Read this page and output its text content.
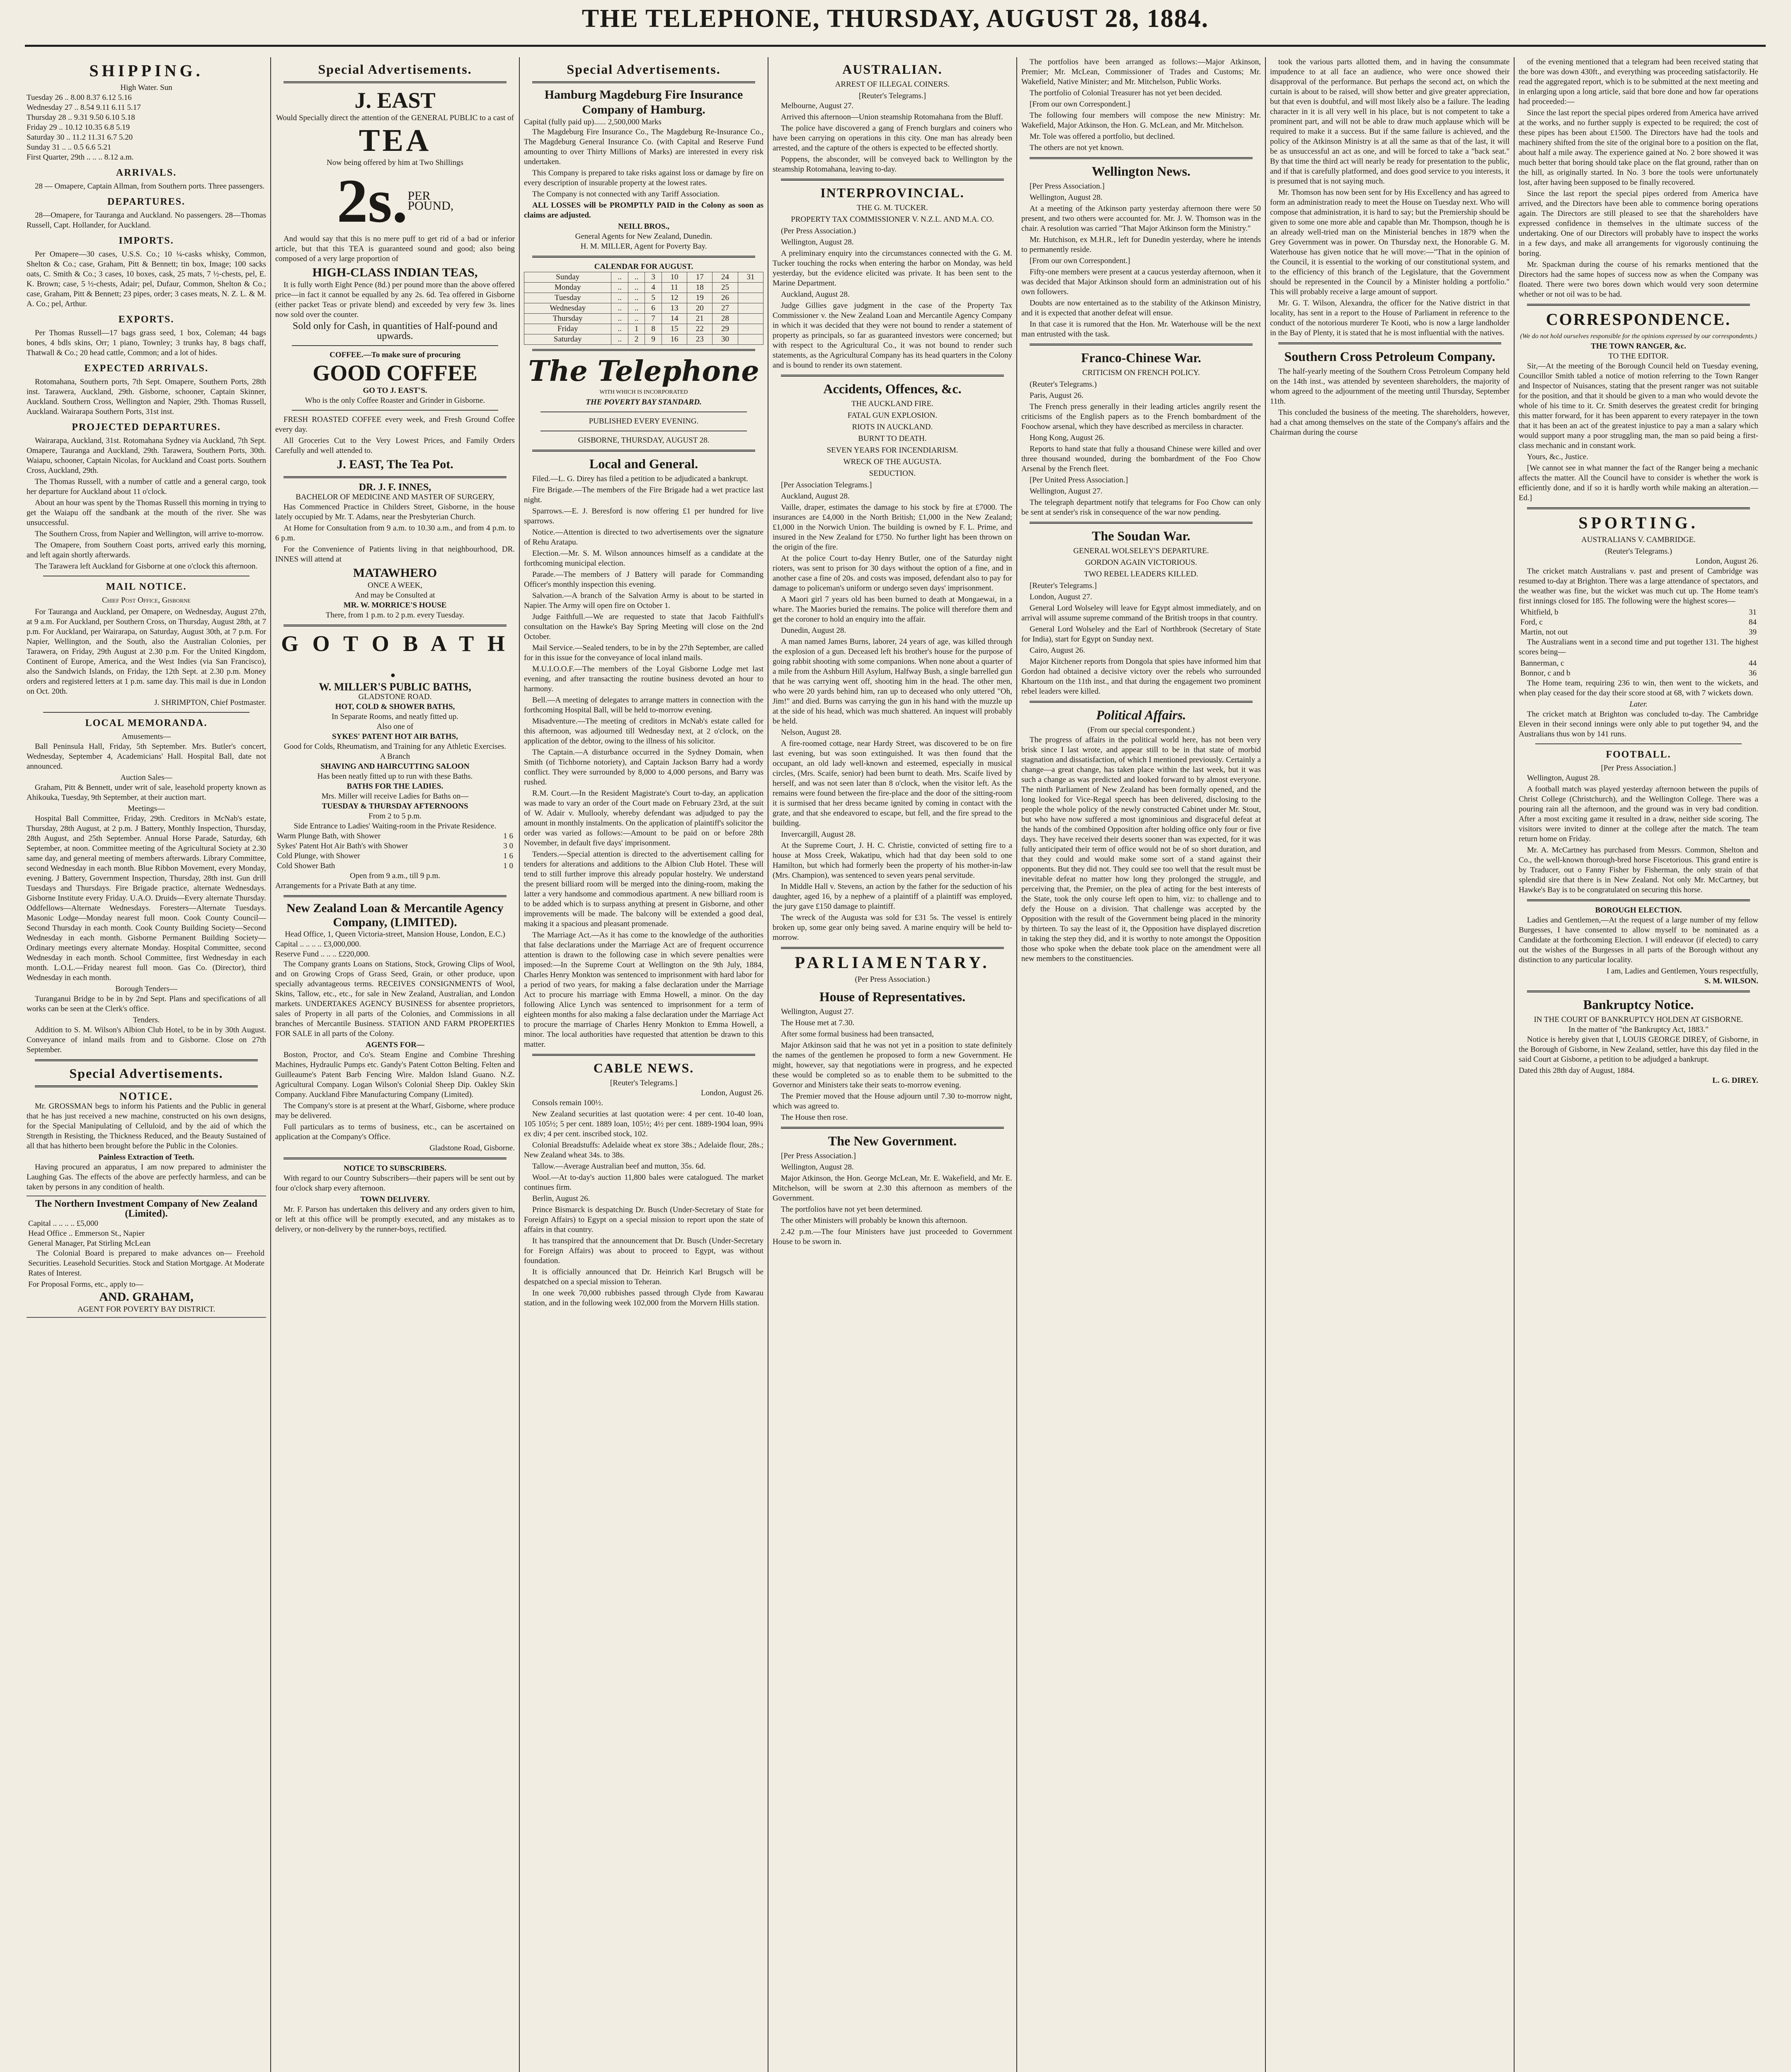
THE TELEPHONE, THURSDAY, AUGUST 28, 1884.
SHIPPING.
High Water. Sun
Tuesday 26 .. 8.00 8.37 6.12 5.16
Wednesday 27 .. 8.54 9.11 6.11 5.17
Thursday 28 .. 9.31 9.50 6.10 5.18
Friday 29 .. 10.12 10.35 6.8 5.19
Saturday 30 .. 11.2 11.31 6.7 5.20
Sunday 31 .. .. 0.5 6.6 5.21
First Quarter, 29th .. .. .. 8.12 a.m.
ARRIVALS.

28 — Omapere, Captain Allman, from Southern ports. Three passengers.

DEPARTURES.

28—Omapere, for Tauranga and Auckland. No passengers. 28—Thomas Russell, Capt. Hollander, for Auckland.

IMPORTS.

Per Omapere—30 cases, U.S.S. Co.; 10 ¼-casks whisky, Common, Shelton & Co.; case, Graham, Pitt & Bennett; tin box, Image; 100 sacks oats, C. Smith & Co.; 3 cases, 10 boxes, cask, 25 mats, 7 ½-chests, pel, E. K. Brown; case, 5 ½-chests, Adair; pel, Dufaur, Common, Shelton & Co.; case, Graham, Pitt & Bennett; 23 pipes, order; 3 cases meats, N. Z. L. & M. A. Co.; pel, Arthur.

EXPORTS.

Per Thomas Russell—17 bags grass seed, 1 box, Coleman; 44 bags bones, 4 bdls skins, Orr; 1 piano, Townley; 3 trunks hay, 8 bags chaff, Thatwall & Co.; 20 head cattle, Common; and a lot of hides.

EXPECTED ARRIVALS.

Rotomahana, Southern ports, 7th Sept. Omapere, Southern Ports, 28th inst. Tarawera, Auckland, 29th. Gisborne, schooner, Captain Skinner, Auckland. Southern Cross, Wellington and Napier, 29th. Thomas Russell, Auckland. Wairarapa Southern Ports, 31st inst.

PROJECTED DEPARTURES.

Wairarapa, Auckland, 31st. Rotomahana Sydney via Auckland, 7th Sept. Omapere, Tauranga and Auckland, 29th. Tarawera, Southern Ports, 30th. Waiapu, schooner, Captain Nicolas, for Auckland and Coast ports. Southern Cross, Auckland, 29th.

The Thomas Russell, with a number of cattle and a general cargo, took her departure for Auckland about 11 o'clock.

About an hour was spent by the Thomas Russell this morning in trying to get the Waiapu off the sandbank at the mouth of the river. She was unsuccessful.

The Southern Cross, from Napier and Wellington, will arrive to-morrow.

The Omapere, from Southern Coast ports, arrived early this morning, and left again shortly afterwards.

The Tarawera left Auckland for Gisborne at one o'clock this afternoon.

MAIL NOTICE.
Chief Post Office, Gisborne

For Tauranga and Auckland, per Omapere, on Wednesday, August 27th, at 9 a.m. For Auckland, per Southern Cross, on Thursday, August 28th, at 7 p.m. For Auckland, per Wairarapa, on Saturday, August 30th, at 7 p.m. For Napier, Wellington, and the South, also the Australian Colonies, per Tarawera, on Friday, 29th August at 2.30 p.m. For the United Kingdom, Continent of Europe, America, and the West Indies (via San Francisco), also the Sandwich Islands, on Friday, the 12th Sept. at 2.30 p.m. Money orders and registered letters at 1 p.m. same day. This mail is due in London on Oct. 20th.

J. SHRIMPTON, Chief Postmaster.
LOCAL MEMORANDA.
Amusements—

Ball Peninsula Hall, Friday, 5th September. Mrs. Butler's concert, Wednesday, September 4, Academicians' Hall. Hospital Ball, date not announced.

Auction Sales—

Graham, Pitt & Bennett, under writ of sale, leasehold property known as Ahikouka, Tuesday, 9th September, at their auction mart.

Meetings—

Hospital Ball Committee, Friday, 29th. Creditors in McNab's estate, Thursday, 28th August, at 2 p.m. J Battery, Monthly Inspection, Thursday, 28th August, and 25th September. Annual Horse Parade, Saturday, 6th September, at noon. Committee meeting of the Agricultural Society at 2.30 same day, and general meeting of members afterwards. Library Committee, second Wednesday in each month. Blue Ribbon Movement, every Monday, evening. J Battery, Government Inspection, Thursday, 28th inst. Gun drill Tuesdays and Thursdays. Fire Brigade practice, alternate Wednesdays. Gisborne Institute every Friday. U.A.O. Druids—Every alternate Thursday. Oddfellows—Alternate Wednesdays. Foresters—Alternate Tuesdays. Masonic Lodge—Monday nearest full moon. Cook County Council—Second Thursday in each month. Cook County Building Society—Second Wednesday in each month. Gisborne Permanent Building Society—Ordinary meetings every alternate Monday. Hospital Committee, second Wednesday in each month. School Committee, first Wednesday in each month. L.O.L.—Friday nearest full moon. Gas Co. (Director), third Wednesday in each month.

Borough Tenders—

Turanganui Bridge to be in by 2nd Sept. Plans and specifications of all works can be seen at the Clerk's office.

Tenders.

Addition to S. M. Wilson's Albion Club Hotel, to be in by 30th August. Conveyance of inland mails from and to Gisborne. Close on 27th September.

Special Advertisements.
NOTICE.

Mr. GROSSMAN begs to inform his Patients and the Public in general that he has just received a new machine, constructed on his own designs, for the Special Manipulating of Celluloid, and by the aid of which the Strength in Resisting, the Thickness Reduced, and the Beauty Sustained of all that has hitherto been brought before the Public in the Colonies.

Painless Extraction of Teeth.

Having procured an apparatus, I am now prepared to administer the Laughing Gas. The effects of the above are perfectly harmless, and can be taken by persons in any condition of health.

The Northern Investment Company of New Zealand (Limited).
Capital .. .. .. .. £5,000
Head Office .. Emmerson St., Napier
General Manager, Pat Stirling McLean

The Colonial Board is prepared to make advances on— Freehold Securities. Leasehold Securities. Stock and Station Mortgage. At Moderate Rates of Interest.

For Proposal Forms, etc., apply to—
AND. GRAHAM,
AGENT FOR POVERTY BAY DISTRICT.
Special Advertisements.
J. EAST
Would Specially direct the attention of the GENERAL PUBLIC to a cast of
TEA
Now being offered by him at Two Shillings
2s. PER POUND,

And would say that this is no mere puff to get rid of a bad or inferior article, but that this TEA is guaranteed sound and good; also being composed of a very large proportion of

HIGH-CLASS INDIAN TEAS,

It is fully worth Eight Pence (8d.) per pound more than the above offered price—in fact it cannot be equalled by any 2s. 6d. Tea offered in Gisborne (either packet Teas or private blend) and exceeded by very few 3s. lines now sold over the counter.

Sold only for Cash, in quantities of Half-pound and upwards.
COFFEE.—To make sure of procuring
GOOD COFFEE
GO TO J. EAST'S.
Who is the only Coffee Roaster and Grinder in Gisborne.

FRESH ROASTED COFFEE every week, and Fresh Ground Coffee every day.

All Groceries Cut to the Very Lowest Prices, and Family Orders Carefully and well attended to.

J. EAST, The Tea Pot.
DR. J. F. INNES,
BACHELOR OF MEDICINE AND MASTER OF SURGERY,

Has Commenced Practice in Childers Street, Gisborne, in the house lately occupied by Mr. T. Adams, near the Presbyterian Church.

At Home for Consultation from 9 a.m. to 10.30 a.m., and from 4 p.m. to 6 p.m.

For the Convenience of Patients living in that neighbourhood, DR. INNES will attend at

MATAWHERO
ONCE A WEEK,
And may be Consulted at
MR. W. MORRICE'S HOUSE
There, from 1 p.m. to 2 p.m. every Tuesday.
G O T O B A T H .
W. MILLER'S PUBLIC BATHS,
GLADSTONE ROAD.
HOT, COLD & SHOWER BATHS,
In Separate Rooms, and neatly fitted up.
Also one of
SYKES' PATENT HOT AIR BATHS,
Good for Colds, Rheumatism, and Training for any Athletic Exercises.
A Branch
SHAVING AND HAIRCUTTING SALOON
Has been neatly fitted up to run with these Baths.
BATHS FOR THE LADIES.
Mrs. Miller will receive Ladies for Baths on—
TUESDAY & THURSDAY AFTERNOONS
From 2 to 5 p.m.
Side Entrance to Ladies' Waiting-room in the Private Residence.
Warm Plunge Bath, with Shower	1 6
Sykes' Patent Hot Air Bath's with Shower	3 0
Cold Plunge, with Shower	1 6
Cold Shower Bath	1 0
Open from 9 a.m., till 9 p.m.
Arrangements for a Private Bath at any time.
New Zealand Loan & Mercantile Agency Company, (LIMITED).
Head Office, 1, Queen Victoria-street, Mansion House, London, E.C.)
Capital .. .. .. .. £3,000,000.
Reserve Fund .. .. .. £220,000.

The Company grants Loans on Stations, Stock, Growing Clips of Wool, and on Growing Crops of Grass Seed, Grain, or other produce, upon specially advantageous terms. RECEIVES CONSIGNMENTS of Wool, Skins, Tallow, etc., etc., for sale in New Zealand, Australian, and London markets. UNDERTAKES AGENCY BUSINESS for absentee proprietors, sales of Property in all parts of the Colonies, and Commissions in all branches of Mercantile Business. STATION AND FARM PROPERTIES FOR SALE in all parts of the Colony.

AGENTS FOR—

Boston, Proctor, and Co's. Steam Engine and Combine Threshing Machines, Hydraulic Pumps etc. Gandy's Patent Cotton Belting. Felten and Guilleaume's Patent Barb Fencing Wire. Maldon Island Guano. N.Z. Agricultural Company. Logan Wilson's Colonial Sheep Dip. Oakley Skin Company. Auckland Fibre Manufacturing Company (Limited).

The Company's store is at present at the Wharf, Gisborne, where produce may be delivered.

Full particulars as to terms of business, etc., can be ascertained on application at the Company's Office.

Gladstone Road, Gisborne.
NOTICE TO SUBSCRIBERS.

With regard to our Country Subscribers—their papers will be sent out by four o'clock sharp every afternoon.

TOWN DELIVERY.

Mr. F. Parson has undertaken this delivery and any orders given to him, or left at this office will be promptly executed, and any mistakes as to delivery, or non-delivery by the runner-boys, rectified.

Special Advertisements.
Hamburg Magdeburg Fire Insurance Company of Hamburg.
Capital (fully paid up)...... 2,500,000 Marks

The Magdeburg Fire Insurance Co., The Magdeburg Re-Insurance Co., The Magdeburg General Insurance Co. (with Capital and Reserve Fund amounting to over Thirty Millions of Marks) are interested in every risk undertaken.

This Company is prepared to take risks against loss or damage by fire on every description of insurable property at the lowest rates.

The Company is not connected with any Tariff Association.

ALL LOSSES will be PROMPTLY PAID in the Colony as soon as claims are adjusted.

NEILL BROS.,
General Agents for New Zealand, Dunedin.
H. M. MILLER, Agent for Poverty Bay.
CALENDAR FOR AUGUST.
Sunday	..	..	3	10	17	24	31
Monday	..	..	4	11	18	25	
Tuesday	..	..	5	12	19	26	
Wednesday	..	..	6	13	20	27	
Thursday	..	..	7	14	21	28	
Friday	..	1	8	15	22	29	
Saturday	..	2	9	16	23	30	
The Telephone
WITH WHICH IS INCORPORATED
THE POVERTY BAY STANDARD.
PUBLISHED EVERY EVENING.
GISBORNE, THURSDAY, AUGUST 28.
Local and General.

Filed.—L. G. Direy has filed a petition to be adjudicated a bankrupt.

Fire Brigade.—The members of the Fire Brigade had a wet practice last night.

Sparrows.—E. J. Beresford is now offering £1 per hundred for live sparrows.

Notice.—Attention is directed to two advertisements over the signature of Rehu Aratapu.

Election.—Mr. S. M. Wilson announces himself as a candidate at the forthcoming municipal election.

Parade.—The members of J Battery will parade for Commanding Officer's monthly inspection this evening.

Salvation.—A branch of the Salvation Army is about to be started in Napier. The Army will open fire on October 1.

Judge Faithfull.—We are requested to state that Jacob Faithfull's consultation on the Hawke's Bay Spring Meeting will close on the 2nd October.

Mail Service.—Sealed tenders, to be in by the 27th September, are called for in this issue for the conveyance of local inland mails.

M.U.I.O.O.F.—The members of the Loyal Gisborne Lodge met last evening, and after transacting the routine business devoted an hour to harmony.

Bell.—A meeting of delegates to arrange matters in connection with the forthcoming Hospital Ball, will be held to-morrow evening.

Misadventure.—The meeting of creditors in McNab's estate called for this afternoon, was adjourned till Wednesday next, at 2 o'clock, on the application of the debtor, owing to the illness of his solicitor.

The Captain.—A disturbance occurred in the Sydney Domain, when Smith (of Tichborne notoriety), and Captain Jackson Barry had a wordy conflict. They were surrounded by 8,000 to 4,000 persons, and Barry was rushed.

R.M. Court.—In the Resident Magistrate's Court to-day, an application was made to vary an order of the Court made on February 23rd, at the suit of W. Adair v. Mullooly, whereby defendant was adjudged to pay the amount in monthly instalments. On the application of plaintiff's solicitor the order was varied as follows:—Amount to be paid on or before 28th November, in default five days' imprisonment.

Tenders.—Special attention is directed to the advertisement calling for tenders for alterations and additions to the Albion Club Hotel. These will tend to still further improve this already popular hostelry. We understand the present billiard room will be merged into the dining-room, making the latter a very handsome and commodious apartment. A new billiard room is to be added which is to surpass anything at present in Gisborne, and other improvements will be made. The balcony will be extended a good deal, making it a spacious and pleasant promenade.

The Marriage Act.—As it has come to the knowledge of the authorities that false declarations under the Marriage Act are of frequent occurrence attention is drawn to the following case in which severe penalties were imposed:—In the Supreme Court at Wellington on the 9th July, 1884, Charles Henry Monkton was sentenced to imprisonment with hard labor for a period of two years, for making a false declaration under the Marriage Act to procure his marriage with Emma Howell, a minor. On the day following Alice Lynch was sentenced to imprisonment for a term of eighteen months for also making a false declaration under the Marriage Act to procure the marriage of Charles Henry Monkton to Emma Howell, a minor. The local authorities have requested that attention be drawn to this matter.

CABLE NEWS.
[Reuter's Telegrams.]
London, August 26.

Consols remain 100½.

New Zealand securities at last quotation were: 4 per cent. 10-40 loan, 105 105½; 5 per cent. 1889 loan, 105½; 4½ per cent. 1889-1904 loan, 99¾ ex div; 4 per cent. inscribed stock, 102.

Colonial Breadstuffs: Adelaide wheat ex store 38s.; Adelaide flour, 28s.; New Zealand wheat 34s. to 38s.

Tallow.—Average Australian beef and mutton, 35s. 6d.

Wool.—At to-day's auction 11,800 bales were catalogued. The market continues firm.

Berlin, August 26.

Prince Bismarck is despatching Dr. Busch (Under-Secretary of State for Foreign Affairs) to Egypt on a special mission to report upon the state of affairs in that country.

It has transpired that the announcement that Dr. Busch (Under-Secretary for Foreign Affairs) was about to proceed to Egypt, was without foundation.

It is officially announced that Dr. Heinrich Karl Brugsch will be despatched on a special mission to Teheran.

In one week 70,000 rubbishes passed through Clyde from Kawarau station, and in the following week 102,000 from the Morvern Hills station.

AUSTRALIAN.
ARREST OF ILLEGAL COINERS.
[Reuter's Telegrams.]

Melbourne, August 27.

Arrived this afternoon—Union steamship Rotomahana from the Bluff.

The police have discovered a gang of French burglars and coiners who have been carrying on operations in this city. One man has already been arrested, and the capture of the others is expected to be effected shortly.

Poppens, the absconder, will be conveyed back to Wellington by the steamship Rotomahana, leaving to-day.

INTERPROVINCIAL.
THE G. M. TUCKER.
PROPERTY TAX COMMISSIONER V. N.Z.L. AND M.A. CO.

(Per Press Association.)

Wellington, August 28.

A preliminary enquiry into the circumstances connected with the G. M. Tucker touching the rocks when entering the harbor on Monday, was held yesterday, but the evidence elicited was private. It has been sent to the Marine Department.

Auckland, August 28.

Judge Gillies gave judgment in the case of the Property Tax Commissioner v. the New Zealand Loan and Mercantile Agency Company in which it was decided that they were not bound to render a statement of property as principals, so far as guaranteed investors were concerned; but with respect to the Agricultural Co., it was not bound to render such statements, as the Agricultural Company has its head quarters in the Colony and is bound to render its own statement.

Accidents, Offences, &c.
THE AUCKLAND FIRE.
FATAL GUN EXPLOSION.
RIOTS IN AUCKLAND.
BURNT TO DEATH.
SEVEN YEARS FOR INCENDIARISM.
WRECK OF THE AUGUSTA.
SEDUCTION.

[Per Association Telegrams.]

Auckland, August 28.

Vaille, draper, estimates the damage to his stock by fire at £7000. The insurances are £4,000 in the North British; £1,000 in the New Zealand; £1,000 in the Norwich Union. The building is owned by F. L. Prime, and insured in the New Zealand for £750. No further light has been thrown on the origin of the fire.

At the police Court to-day Henry Butler, one of the Saturday night rioters, was sent to prison for 30 days without the option of a fine, and in another case a fine of 20s. and costs was imposed, defendant also to pay for damage to policeman's uniform or undergo seven days' imprisonment.

A Maori girl 7 years old has been burned to death at Mongaewai, in a whare. The Maories buried the remains. The police will therefore them and get the coroner to hold an enquiry into the affair.

Dunedin, August 28.

A man named James Burns, laborer, 24 years of age, was killed through the explosion of a gun. Deceased left his brother's house for the purpose of going rabbit shooting with some companions. When none about a quarter of a mile from the Ashburn Hill Asylum, Halfway Bush, a single barrelled gun that he was carrying went off, shooting him in the head. The other men, who were 20 yards behind him, ran up to deceased who only uttered "Oh, Jim!" and died. Burns was carrying the gun in his hand with the muzzle up at the side of his head, which was much shattered. An inquest will probably be held.

Nelson, August 28.

A fire-roomed cottage, near Hardy Street, was discovered to be on fire last evening, but was soon extinguished. It was then found that the occupant, an old lady well-known and esteemed, especially in musical circles, (Mrs. Scaife, senior) had been burnt to death. Mrs. Scaife lived by herself, and was not seen later than 8 o'clock, when the visitor left. As the remains were found between the fire-place and the door of the sitting-room it is surmised that her dress became ignited by coming in contact with the grate, and that she endeavored to escape, but fell, and the fire spread to the building.

Invercargill, August 28.

At the Supreme Court, J. H. C. Christie, convicted of setting fire to a house at Moss Creek, Wakatipu, which had that day been sold to one Hamilton, but which had formerly been the property of his mother-in-law (Mrs. Champion), was sentenced to seven years penal servitude.

In Middle Hall v. Stevens, an action by the father for the seduction of his daughter, aged 16, by a nephew of a plaintiff of a plaintiff was employed, the jury gave £150 damage to plaintiff.

The wreck of the Augusta was sold for £31 5s. The vessel is entirely broken up, some gear only being saved. A marine enquiry will be held to-morrow.

PARLIAMENTARY.
(Per Press Association.)
House of Representatives.

Wellington, August 27.

The House met at 7.30.

After some formal business had been transacted,

Major Atkinson said that he was not yet in a position to state definitely the names of the gentlemen he proposed to form a new Government. He might, however, say that negotiations were in progress, and he expected these would be completed so as to enable them to be submitted to the Governor and Ministers take their seats to-morrow evening.

The Premier moved that the House adjourn until 7.30 to-morrow night, which was agreed to.

The House then rose.

The New Government.

[Per Press Association.]

Wellington, August 28.

Major Atkinson, the Hon. George McLean, Mr. E. Wakefield, and Mr. E. Mitchelson, will be sworn at 2.30 this afternoon as members of the Government.

The portfolios have not yet been determined.

The other Ministers will probably be known this afternoon.

2.42 p.m.—The four Ministers have just proceeded to Government House to be sworn in.

The portfolios have been arranged as follows:—Major Atkinson, Premier; Mr. McLean, Commissioner of Trades and Customs; Mr. Wakefield, Native Minister; and Mr. Mitchelson, Public Works.

The portfolio of Colonial Treasurer has not yet been decided.

[From our own Correspondent.]

The following four members will compose the new Ministry: Mr. Wakefield, Major Atkinson, the Hon. G. McLean, and Mr. Mitchelson.

Mr. Tole was offered a portfolio, but declined.

The others are not yet known.

Wellington News.

[Per Press Association.]

Wellington, August 28.

At a meeting of the Atkinson party yesterday afternoon there were 50 present, and two others were accounted for. Mr. J. W. Thomson was in the chair. A resolution was carried "That Major Atkinson form the Ministry."

Mr. Hutchison, ex M.H.R., left for Dunedin yesterday, where he intends to permanently reside.

[From our own Correspondent.]

Fifty-one members were present at a caucus yesterday afternoon, when it was decided that Major Atkinson should form an administration out of his own followers.

Doubts are now entertained as to the stability of the Atkinson Ministry, and it is expected that another defeat will ensue.

In that case it is rumored that the Hon. Mr. Waterhouse will be the next man entrusted with the task.

Franco-Chinese War.
CRITICISM ON FRENCH POLICY.

(Reuter's Telegrams.)

Paris, August 26.

The French press generally in their leading articles angrily resent the criticisms of the English papers as to the French bombardment of the Foochow arsenal, which they have described as merciless in character.

Hong Kong, August 26.

Reports to hand state that fully a thousand Chinese were killed and over three thousand wounded, during the bombardment of the Foo Chow Arsenal by the French fleet.

[Per United Press Association.]

Wellington, August 27.

The telegraph department notify that telegrams for Foo Chow can only be sent at sender's risk in consequence of the war now pending.

The Soudan War.
GENERAL WOLSELEY'S DEPARTURE.
GORDON AGAIN VICTORIOUS.
TWO REBEL LEADERS KILLED.

[Reuter's Telegrams.]

London, August 27.

General Lord Wolseley will leave for Egypt almost immediately, and on arrival will assume supreme command of the British troops in that country.

General Lord Wolseley and the Earl of Northbrook (Secretary of State for India), start for Egypt on Sunday next.

Cairo, August 26.

Major Kitchener reports from Dongola that spies have informed him that Gordon had obtained a decisive victory over the rebels who surrounded Khartoum on the 11th inst., and that during the engagement two prominent rebel leaders were killed.

Political Affairs.
(From our special correspondent.)

The progress of affairs in the political world here, has not been very brisk since I last wrote, and appear still to be in that state of morbid stagnation and dissatisfaction, of which I mentioned previously. Certainly a change—a great change, has taken place within the last week, but it was such a change as was predicted and looked forward to by almost everyone. The ninth Parliament of New Zealand has been formally opened, and the long looked for Vice-Regal speech has been delivered, disclosing to the people the whole policy of the newly constructed Cabinet under Mr. Stout, but who have now suffered a most ignominious and disgraceful defeat at the hands of the combined Opposition after holding office only four or five days. They have received their deserts sooner than was expected, for it was fully anticipated their term of office would not be of so short duration, and that they could and would make some sort of a stand against their opponents. But they did not. They could see too well that the result must be inevitable defeat no matter how long they prolonged the struggle, and perceiving that, the Premier, on the plea of acting for the best interests of the State, took the only course left open to him, viz: to challenge and to defy the House on a division. That challenge was accepted by the Opposition with the result of the Government being placed in the minority by thirteen. To say the least of it, the Opposition have displayed discretion in taking the step they did, and it is worthy to note amongst the Opposition those who spoke when the debate took place on the amendment were all new members to the constituencies.

took the various parts allotted them, and in having the consummate impudence to at all face an audience, who were once showed their disapproval of the performance. But perhaps the second act, on which the curtain is about to be raised, will show better and give greater appreciation, but that even is doubtful, and will most likely also be a failure. The leading character in it is all very well in his place, but is not competent to take a prominent part, and will not be able to draw much applause which will be required to make it a success. But if the same failure is achieved, and the policy of the Atkinson Ministry is at all the same as that of the last, it will be as unsuccessful an act as one, and will be forced to take a "back seat." By that time the third act will nearly be ready for presentation to the public, and if that is carefully platformed, and does good service to you interests, it is presumed that is not saying much.

Mr. Thomson has now been sent for by His Excellency and has agreed to form an administration ready to meet the House on Tuesday next. Who will compose that administration, it is hard to say; but the Premiership should be given to some one more able and capable than Mr. Thompson, though he is an already well-tried man on the Ministerial benches in 1879 when the Grey Government was in power. On Thursday next, the Honorable G. M. Waterhouse has given notice that he will move:—"That in the opinion of the Council, it is essential to the working of our constitutional system, and to the efficiency of this branch of the Legislature, that the Government should be represented in the Council by a Minister holding a portfolio." This will probably receive a large amount of support.

Mr. G. T. Wilson, Alexandra, the officer for the Native district in that locality, has sent in a report to the House of Parliament in reference to the conduct of the notorious murderer Te Kooti, who is now a large landholder in the Bay of Plenty, it is stated that he is most influential with the natives.

Southern Cross Petroleum Company.

The half-yearly meeting of the Southern Cross Petroleum Company held on the 14th inst., was attended by seventeen shareholders, the majority of whom agreed to the adjournment of the meeting until Thursday, September 11th.

This concluded the business of the meeting. The shareholders, however, had a chat among themselves on the state of the Company's affairs and the Chairman during the course

of the evening mentioned that a telegram had been received stating that the bore was down 430ft., and everything was proceeding satisfactorily. He read the aggregated report, which is to be submitted at the next meeting and in enlarging upon a long article, said that bore done and how far operations had proceeded:—

Since the last report the special pipes ordered from America have arrived at the works, and no further supply is expected to be required; the cost of these pipes has been about £1500. The Directors have had the tools and machinery shifted from the site of the original bore to a position on the flat, about half a mile away. The experience gained at No. 2 bore showed it was much better that boring should take place on the flat ground, rather than on the hill, as originally started. In No. 3 bore the tools were unfortunately lost, after having been supposed to be finally recovered.

Since the last report the special pipes ordered from America have arrived, and the Directors have been able to commence boring operations again. The Directors are still pleased to see that the shareholders have expressed confidence in themselves in the ultimate success of the undertaking. One of our Directors will probably have to inspect the works in a few days, and make all arrangements for vigorously continuing the boring.

Mr. Spackman during the course of his remarks mentioned that the Directors had the same hopes of success now as when the Company was floated. There were two bores down which would very soon determine whether or not oil was to be had.

CORRESPONDENCE.
(We do not hold ourselves responsible for the opinions expressed by our correspondents.)
THE TOWN RANGER, &c.
TO THE EDITOR.

Sir,—At the meeting of the Borough Council held on Tuesday evening, Councillor Smith tabled a notice of motion referring to the Town Ranger and Inspector of Nuisances, stating that the present ranger was not suitable for the position, and that it should be given to a man who would devote the whole of his time to it. Cr. Smith deserves the greatest credit for bringing this matter forward, for it has been apparent to every ratepayer in the town that it has been an act of the greatest injustice to pay a man a salary which would support many a poor struggling man, the man so paid being a first-class mechanic and in constant work.

Yours, &c., Justice.

[We cannot see in what manner the fact of the Ranger being a mechanic affects the matter. All the Council have to consider is whether the work is efficiently done, and if so it is hardly worth while making an alteration.—Ed.]

SPORTING.
AUSTRALIANS V. CAMBRIDGE.
(Reuter's Telegrams.)
London, August 26.

The cricket match Australians v. past and present of Cambridge was resumed to-day at Brighton. There was a large attendance of spectators, and the weather was fine, but the wicket was much cut up. The Home team's first innings closed for 185. The following were the highest scores—

Whitfield, b	31
Ford, c	84
Martin, not out	39

The Australians went in a second time and put together 131. The highest scores being—

Bannerman, c	44
Bonnor, c and b	36

The Home team, requiring 236 to win, then went to the wickets, and when play ceased for the day their score stood at 68, with 7 wickets down.

Later.

The cricket match at Brighton was concluded to-day. The Cambridge Eleven in their second innings were only able to put together 94, and the Australians thus won by 141 runs.

FOOTBALL.
[Per Press Association.]

Wellington, August 28.

A football match was played yesterday afternoon between the pupils of Christ College (Christchurch), and the Wellington College. There was a pouring rain all the afternoon, and the ground was in very bad condition. After a most exciting game it resulted in a draw, neither side scoring. The visitors were invited to dinner at the college after the match. The team return home on Friday.

Mr. A. McCartney has purchased from Messrs. Common, Shelton and Co., the well-known thorough-bred horse Fiscetorious. This grand entire is by Traducer, out o Fanny Fisher by Fisherman, the only strain of that splendid sire that there is in New Zealand. Not only Mr. McCartney, but Hawke's Bay is to be congratulated on securing this horse.

BOROUGH ELECTION.

Ladies and Gentlemen,—At the request of a large number of my fellow Burgesses, I have consented to allow myself to be nominated as a Candidate at the forthcoming Election. I will endeavor (if elected) to carry out the wishes of the Burgesses in all parts of the Borough without any distinction to any particular locality.

I am, Ladies and Gentlemen, Yours respectfully,
S. M. WILSON.
Bankruptcy Notice.
IN THE COURT OF BANKRUPTCY HOLDEN AT GISBORNE.
In the matter of "the Bankruptcy Act, 1883."

Notice is hereby given that I, LOUIS GEORGE DIREY, of Gisborne, in the Borough of Gisborne, in New Zealand, settler, have this day filed in the said Court at Gisborne, a petition to be adjudged a bankrupt.

Dated this 28th day of August, 1884.
L. G. DIREY.
